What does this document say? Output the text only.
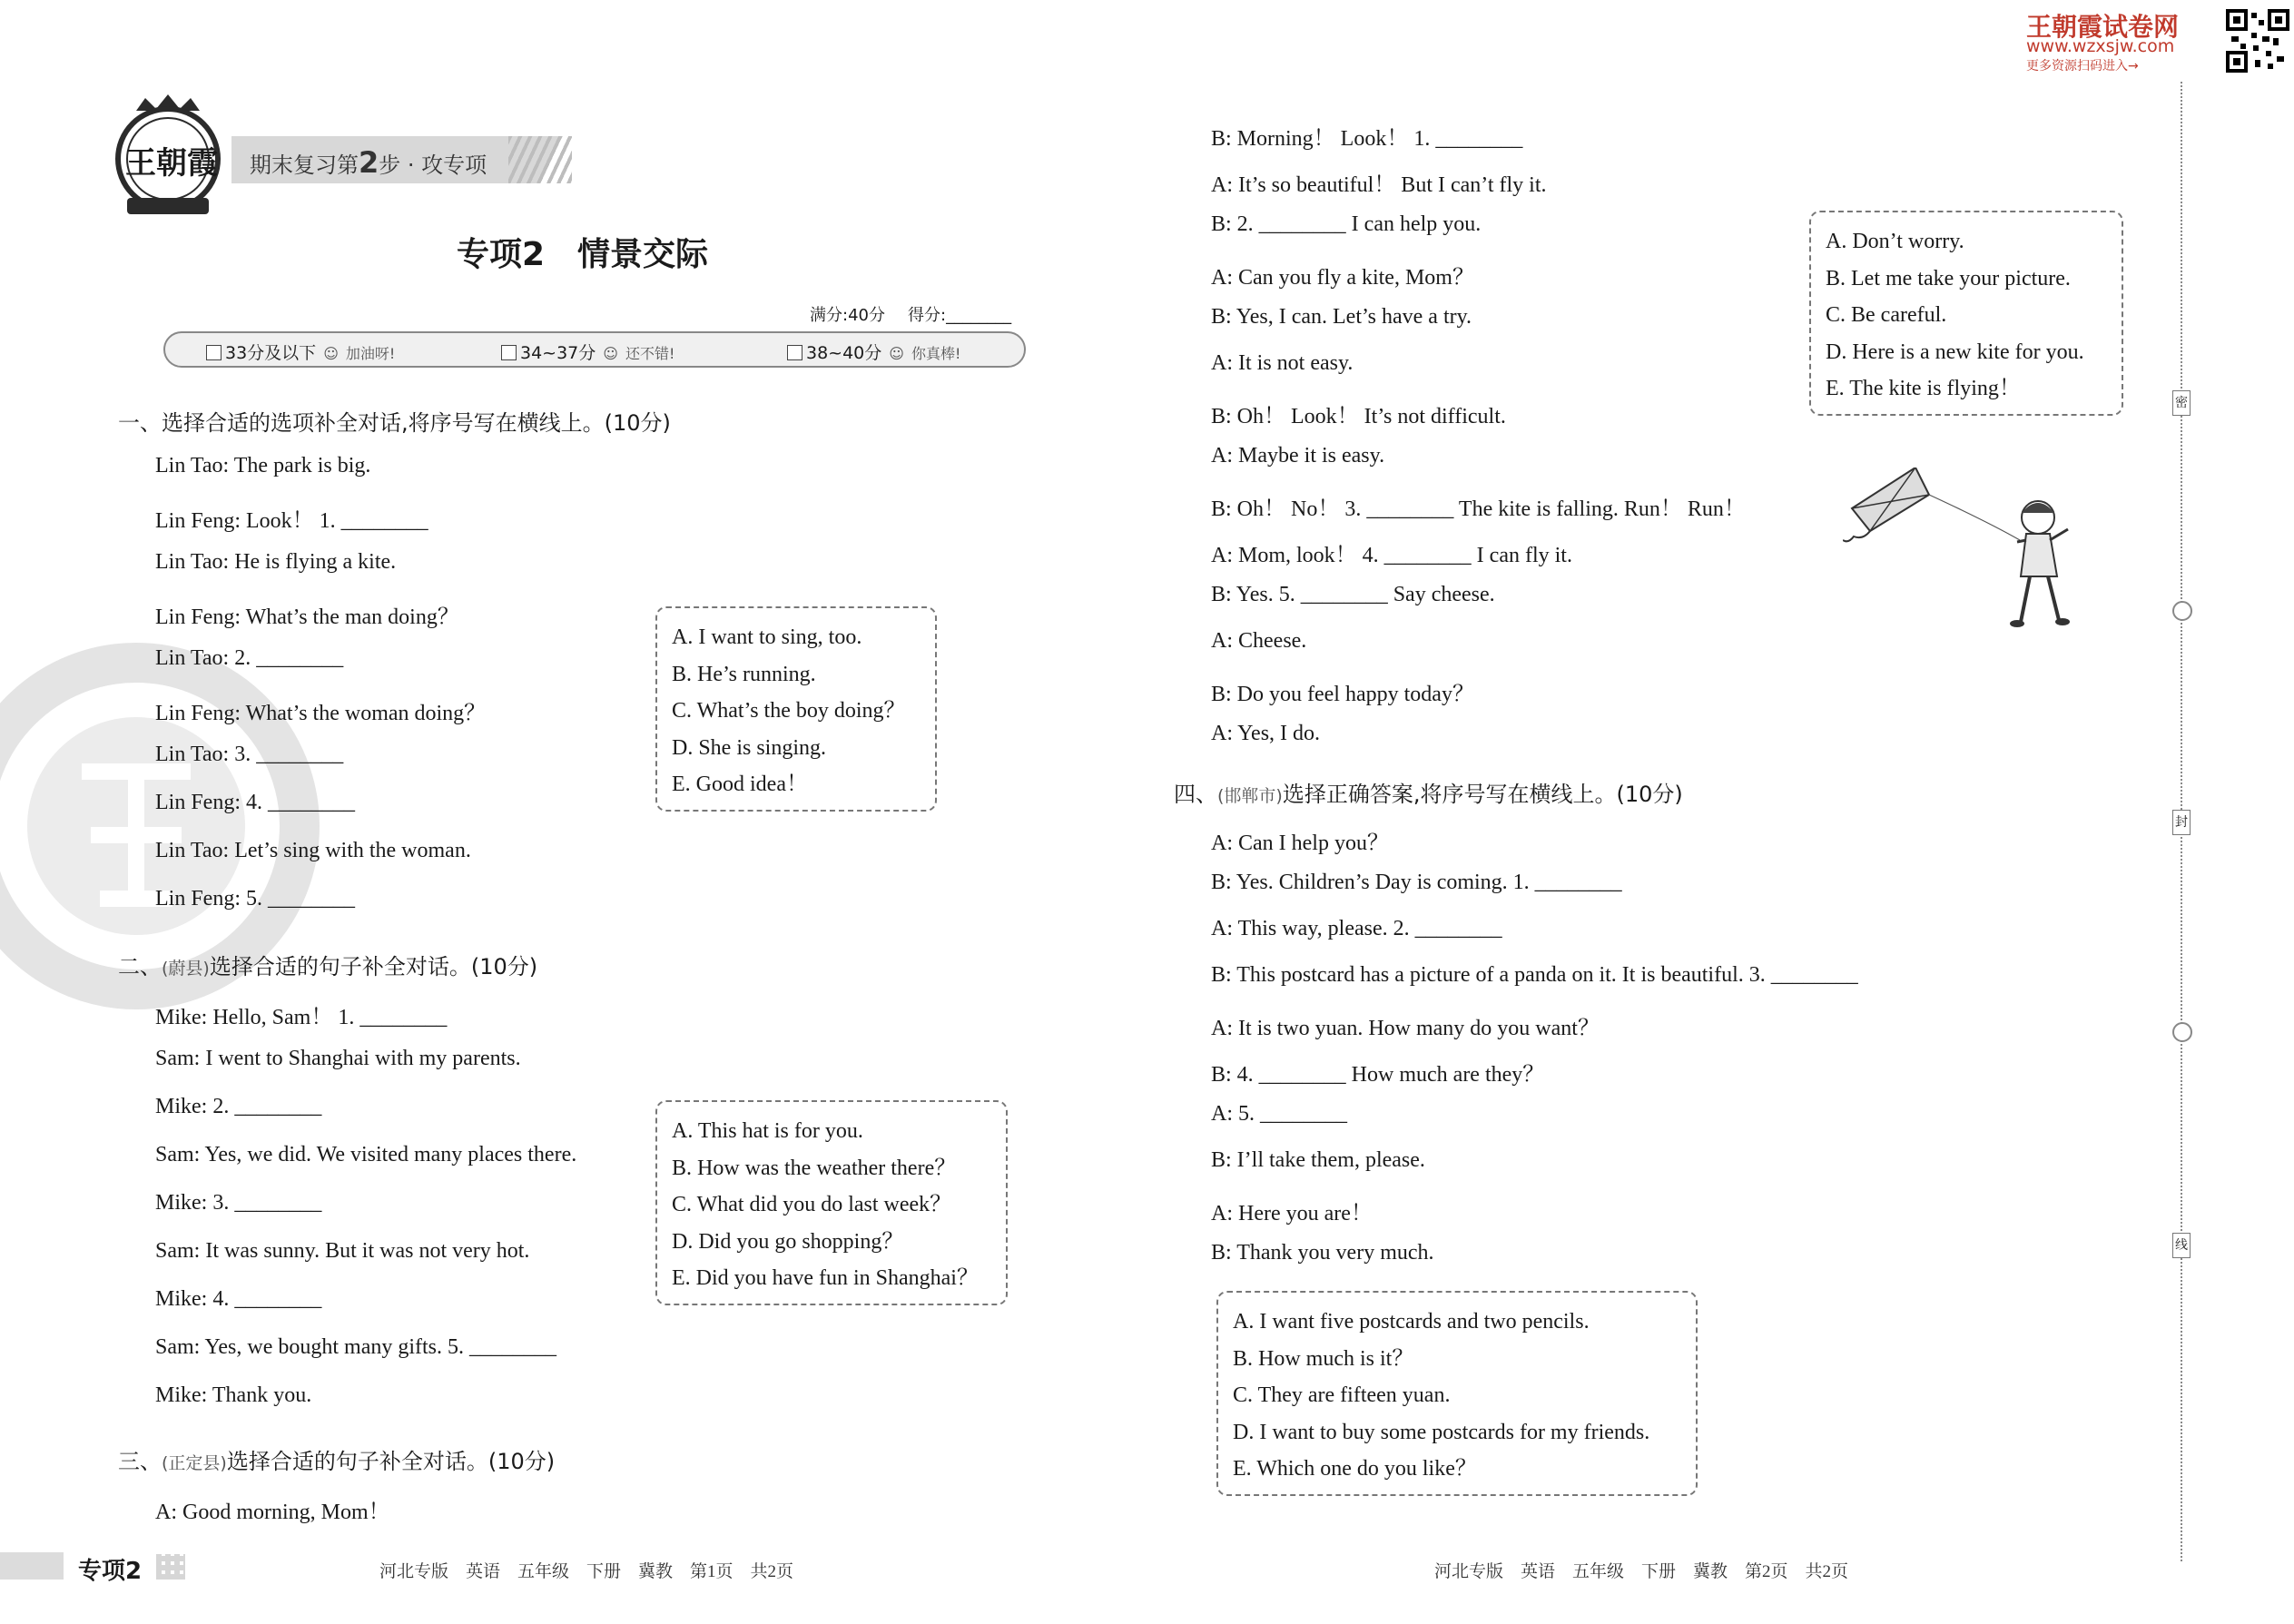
王朝霞 期末复习第2步 · 攻专项
专项2　情景交际
满分:40分 得分:________
33分及以下 ☺ 加油呀!	34~37分 ☺ 还不错!	38~40分 ☺ 你真棒!
王朝霞试卷网
www.wzxsjw.com
更多资源扫码进入→
一、选择合适的选项补全对话,将序号写在横线上。(10分)
Lin Tao: The park is big.
Lin Feng: Look！ 1. ________
Lin Tao: He is flying a kite.
Lin Feng: What’s the man doing？
Lin Tao: 2. ________
Lin Feng: What’s the woman doing？
Lin Tao: 3. ________
Lin Feng: 4. ________
Lin Tao: Let’s sing with the woman.
Lin Feng: 5. ________
A. I want to sing, too.
B. He’s running.
C. What’s the boy doing？
D. She is singing.
E. Good idea！
二、(蔚县)选择合适的句子补全对话。(10分)
Mike: Hello, Sam！ 1. ________
Sam: I went to Shanghai with my parents.
Mike: 2. ________
Sam: Yes, we did. We visited many places there.
Mike: 3. ________
Sam: It was sunny. But it was not very hot.
Mike: 4. ________
Sam: Yes, we bought many gifts. 5. ________
Mike: Thank you.
A. This hat is for you.
B. How was the weather there？
C. What did you do last week？
D. Did you go shopping？
E. Did you have fun in Shanghai？
三、(正定县)选择合适的句子补全对话。(10分)
A: Good morning, Mom！
B: Morning！ Look！ 1. ________
A: It’s so beautiful！ But I can’t fly it.
B: 2. ________ I can help you.
A: Can you fly a kite, Mom？
B: Yes, I can. Let’s have a try.
A: It is not easy.
B: Oh！ Look！ It’s not difficult.
A: Maybe it is easy.
B: Oh！ No！ 3. ________ The kite is falling. Run！ Run！
A: Mom, look！ 4. ________ I can fly it.
B: Yes. 5. ________ Say cheese.
A: Cheese.
B: Do you feel happy today？
A: Yes, I do.
A. Don’t worry.
B. Let me take your picture.
C. Be careful.
D. Here is a new kite for you.
E. The kite is flying！
四、(邯郸市)选择正确答案,将序号写在横线上。(10分)
A: Can I help you？
B: Yes. Children’s Day is coming. 1. ________
A: This way, please. 2. ________
B: This postcard has a picture of a panda on it. It is beautiful. 3. ________
A: It is two yuan. How many do you want？
B: 4. ________ How much are they？
A: 5. ________
B: I’ll take them, please.
A: Here you are！
B: Thank you very much.
A. I want five postcards and two pencils.
B. How much is it？
C. They are fifteen yuan.
D. I want to buy some postcards for my friends.
E. Which one do you like？
密
封
线
专项2	河北专版　英语　五年级　下册　冀教　第1页　共2页	河北专版　英语　五年级　下册　冀教　第2页　共2页
